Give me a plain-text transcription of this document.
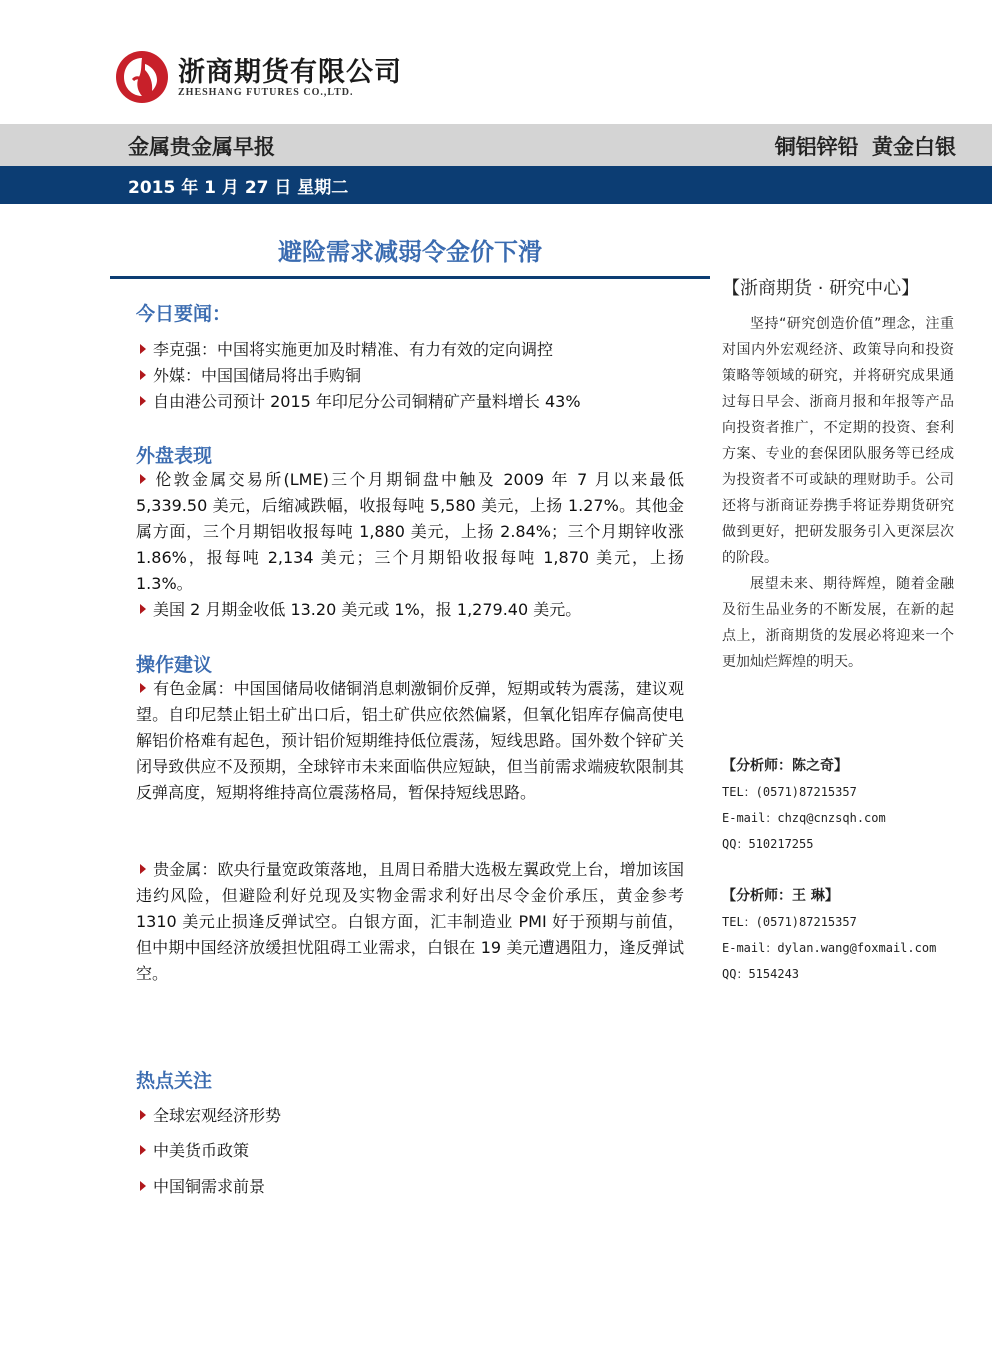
浙商期货有限公司
ZHESHANG FUTURES CO.,LTD.
金属贵金属早报	铜铝锌铅 黄金白银
2015 年 1 月 27 日 星期二
避险需求减弱令金价下滑
今日要闻：
李克强：中国将实施更加及时精准、有力有效的定向调控
外媒：中国国储局将出手购铜
自由港公司预计 2015 年印尼分公司铜精矿产量料增长 43%
外盘表现
伦敦金属交易所(LME)三个月期铜盘中触及 2009 年 7 月以来最低 5,339.50 美元，后缩减跌幅，收报每吨 5,580 美元，上扬 1.27%。其他金属方面，三个月期铝收报每吨 1,880 美元，上扬 2.84%；三个月期锌收涨 1.86%，报每吨 2,134 美元；三个月期铅收报每吨 1,870 美元，上扬 1.3%。
美国 2 月期金收低 13.20 美元或 1%，报 1,279.40 美元。
操作建议
有色金属：中国国储局收储铜消息刺激铜价反弹，短期或转为震荡，建议观望。自印尼禁止铝土矿出口后，铝土矿供应依然偏紧，但氧化铝库存偏高使电解铝价格难有起色，预计铝价短期维持低位震荡，短线思路。国外数个锌矿关闭导致供应不及预期，全球锌市未来面临供应短缺，但当前需求端疲软限制其反弹高度，短期将维持高位震荡格局，暂保持短线思路。
贵金属：欧央行量宽政策落地，且周日希腊大选极左翼政党上台，增加该国违约风险，但避险利好兑现及实物金需求利好出尽令金价承压，黄金参考 1310 美元止损逢反弹试空。白银方面，汇丰制造业 PMI 好于预期与前值，但中期中国经济放缓担忧阻碍工业需求，白银在 19 美元遭遇阻力，逢反弹试空。
热点关注
全球宏观经济形势
中美货币政策
中国铜需求前景
【浙商期货 · 研究中心】
坚持“研究创造价值”理念，注重对国内外宏观经济、政策导向和投资策略等领域的研究，并将研究成果通过每日早会、浙商月报和年报等产品向投资者推广，不定期的投资、套利方案、专业的套保团队服务等已经成为投资者不可或缺的理财助手。公司还将与浙商证券携手将证券期货研究做到更好，把研发服务引入更深层次的阶段。
展望未来、期待辉煌，随着金融及衍生品业务的不断发展，在新的起点上，浙商期货的发展必将迎来一个更加灿烂辉煌的明天。
【分析师：陈之奇】
TEL：(0571)87215357
E-mail：chzq@cnzsqh.com
QQ：510217255
【分析师：王 琳】
TEL：(0571)87215357
E-mail：dylan.wang@foxmail.com
QQ：5154243
